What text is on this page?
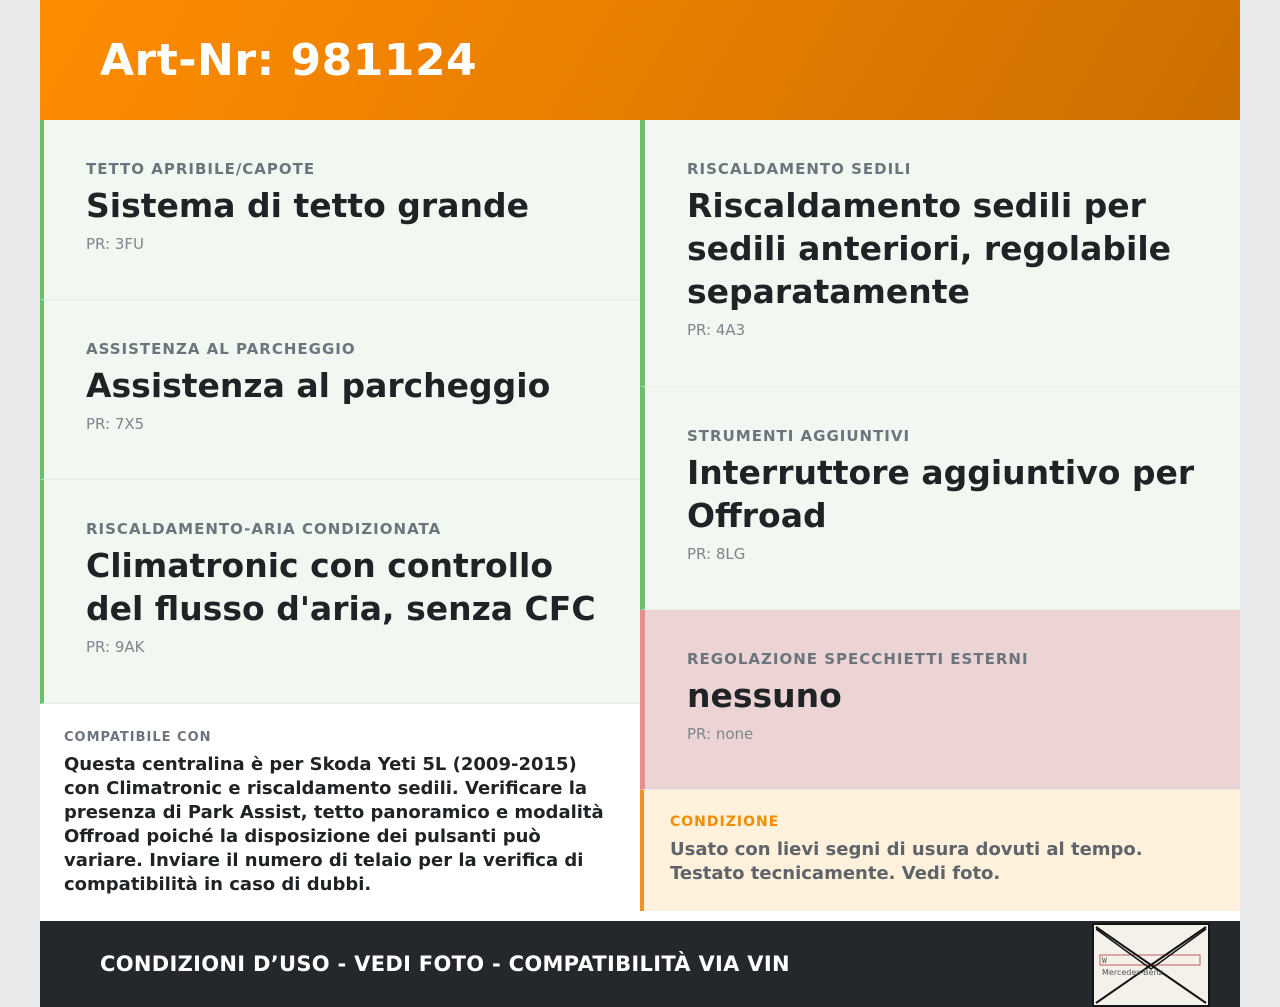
Art-Nr: 981124
TETTO APRIBILE/CAPOTE
Sistema di tetto grande
PR: 3FU
ASSISTENZA AL PARCHEGGIO
Assistenza al parcheggio
PR: 7X5
RISCALDAMENTO-ARIA CONDIZIONATA
Climatronic con controllo del flusso d'aria, senza CFC
PR: 9AK
COMPATIBILE CON
Questa centralina è per Skoda Yeti 5L (2009-2015) con Climatronic e riscaldamento sedili. Verificare la presenza di Park Assist, tetto panoramico e modalità Offroad poiché la disposizione dei pulsanti può variare. Inviare il numero di telaio per la verifica di compatibilità in caso di dubbi.
RISCALDAMENTO SEDILI
Riscaldamento sedili per sedili anteriori, regolabile separatamente
PR: 4A3
STRUMENTI AGGIUNTIVI
Interruttore aggiuntivo per Offroad
PR: 8LG
REGOLAZIONE SPECCHIETTI ESTERNI
nessuno
PR: none
CONDIZIONE
Usato con lievi segni di usura dovuti al tempo. Testato tecnicamente. Vedi foto.
CONDIZIONI D’USO - VEDI FOTO - COMPATIBILITÀ VIA VIN	W
Mercedes-Benz
